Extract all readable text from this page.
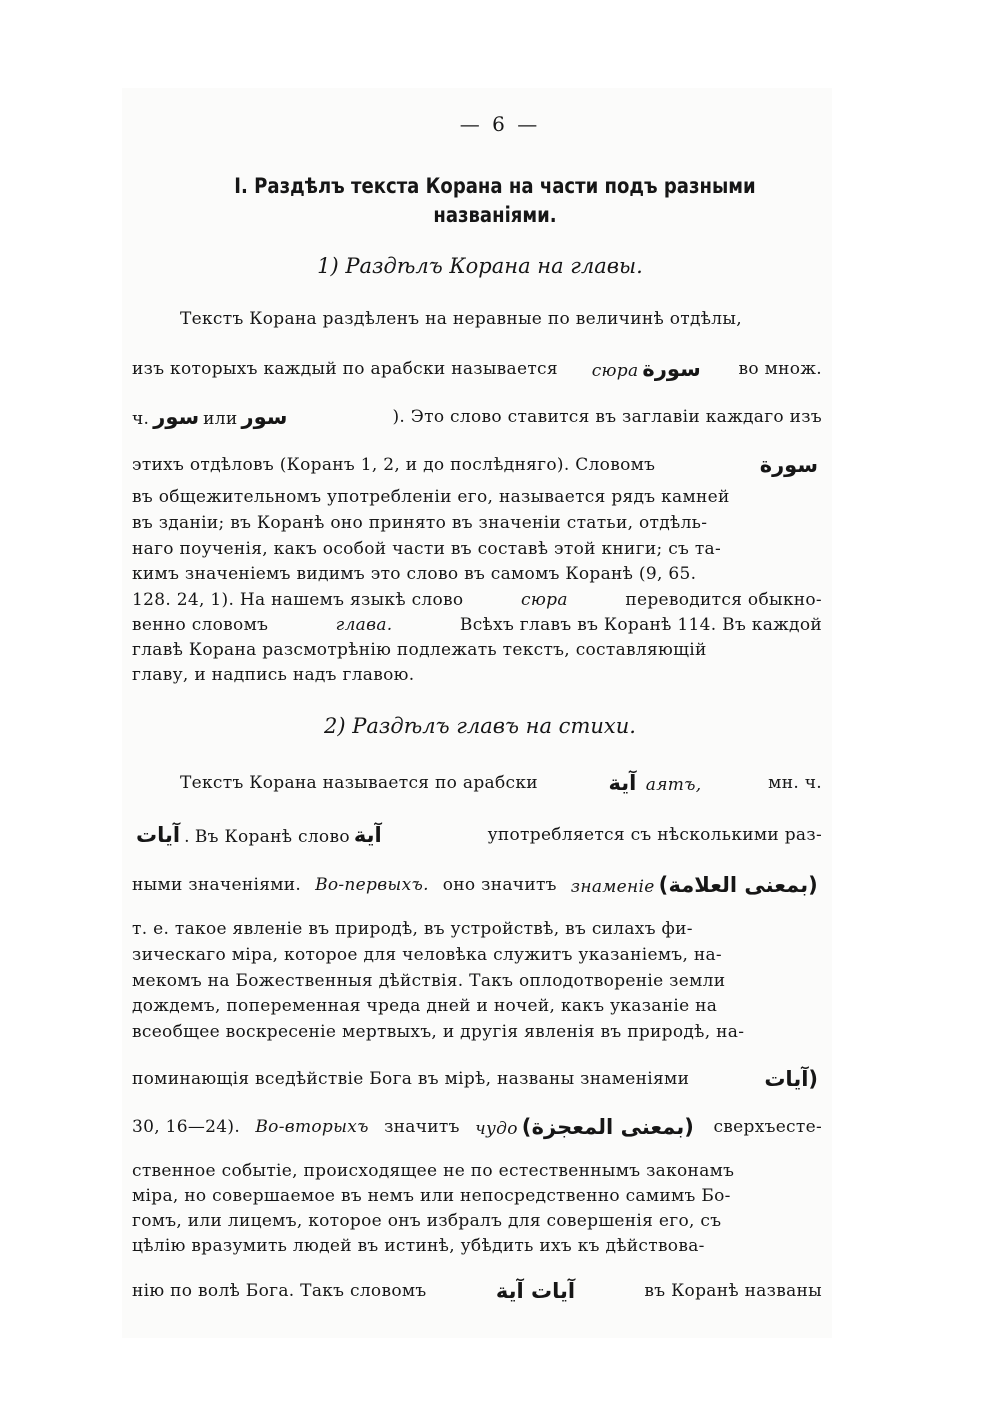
— 6 —
I. Раздѣлъ текста Корана на части подъ разными
названіями.
1) Раздѣлъ Корана на главы.
Текстъ Корана раздѣленъ на неравные по величинѣ отдѣлы,
изъ которыхъ каждый по арабски называется сюра سورة во множ.
ч. سور или سور	). Это слово ставится въ заглавіи каждаго изъ
этихъ отдѣловъ (Коранъ 1, 2, и до послѣдняго). Словомъ	سورة
въ общежительномъ употребленіи его, называется рядъ камней
въ зданіи; въ Коранѣ оно принято въ значеніи статьи, отдѣль-
наго поученія, какъ особой части въ составѣ этой книги; съ та-
кимъ значеніемъ видимъ это слово въ самомъ Коранѣ (9, 65.
128. 24, 1). На нашемъ языкѣ слово	сюра	переводится обыкно-
венно словомъ	глава.	Всѣхъ главъ въ Коранѣ 114. Въ каждой
главѣ Корана разсмотрѣнію подлежать текстъ, составляющій
главу, и надпись надъ главою.
2) Раздѣлъ главъ на стихи.
Текстъ Корана называется по арабски	آية аятъ,	мн. ч.
آيات . Въ Коранѣ слово آية	употребляется съ нѣсколькими раз-
ными значеніями. Во-первыхъ. оно значитъ знаменіе (بمعنى العلامة)
т. е. такое явленіе въ природѣ, въ устройствѣ, въ силахъ фи-
зическаго міра, которое для человѣка служитъ указаніемъ, на-
мекомъ на Божественныя дѣйствія. Такъ оплодотвореніе земли
дождемъ, попеременная чреда дней и ночей, какъ указаніе на
всеобщее воскресеніе мертвыхъ, и другія явленія въ природѣ, на-
поминающія вседѣйствіе Бога въ мірѣ, названы знаменіями	(آيات
30, 16—24). Во-вторыхъ значитъ чудо (بمعنى المعجزة) сверхъесте-
ственное событіе, происходящее не по естественнымъ законамъ
міра, но совершаемое въ немъ или непосредственно самимъ Бо-
гомъ, или лицемъ, которое онъ избралъ для совершенія его, съ
цѣлію вразумить людей въ истинѣ, убѣдить ихъ къ дѣйствова-
нію по волѣ Бога. Такъ словомъ	آيات آية	въ Коранѣ названы
